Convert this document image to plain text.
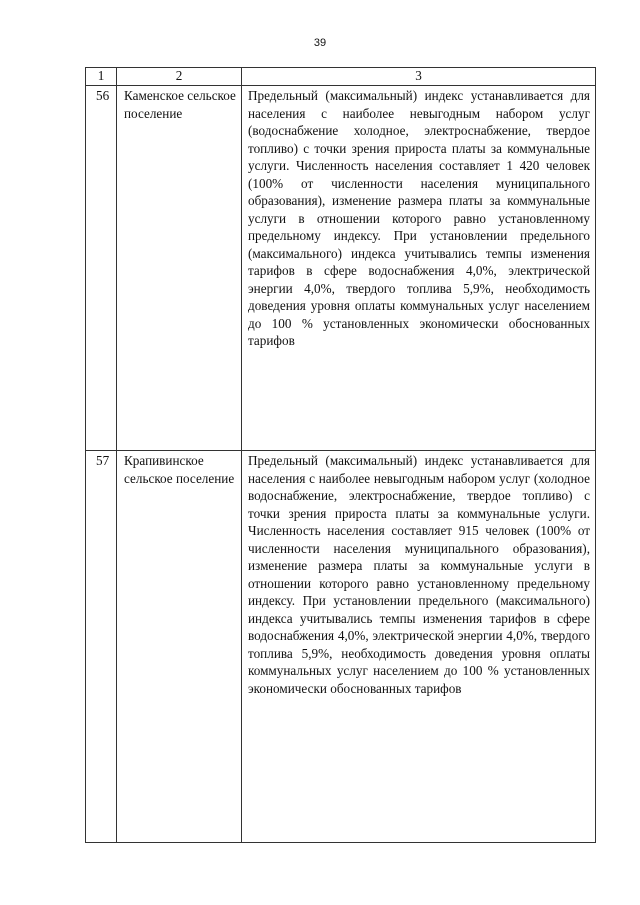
39
1	2	3
56	Каменское сельское поселение	Предельный (максимальный) индекс устанавливается для населения с наиболее невыгодным набором услуг (водоснабжение холодное, электроснабжение, твердое топливо) с точки зрения прироста платы за коммунальные услуги. Численность населения составляет 1 420 человек (100% от численности населения муниципального образования), изменение размера платы за коммунальные услуги в отношении которого равно установленному предельному индексу. При установлении предельного (максимального) индекса учитывались темпы изменения тарифов в сфере водоснабжения 4,0%, электрической энергии 4,0%, твердого топлива 5,9%, необходимость доведения уровня оплаты коммунальных услуг населением до 100 % установленных экономически обоснованных тарифов

57	Крапивинское сельское поселение	Предельный (максимальный) индекс устанавливается для населения с наиболее невыгодным набором услуг (холодное водоснабжение, электроснабжение, твердое топливо) с точки зрения прироста платы за коммунальные услуги. Численность населения составляет 915 человек (100% от численности населения муниципального образования), изменение размера платы за коммунальные услуги в отношении которого равно установленному предельному индексу. При установлении предельного (максимального) индекса учитывались темпы изменения тарифов в сфере водоснабжения 4,0%, электрической энергии 4,0%, твердого топлива 5,9%, необходимость доведения уровня оплаты коммунальных услуг населением до 100 % установленных экономически обоснованных тарифов
